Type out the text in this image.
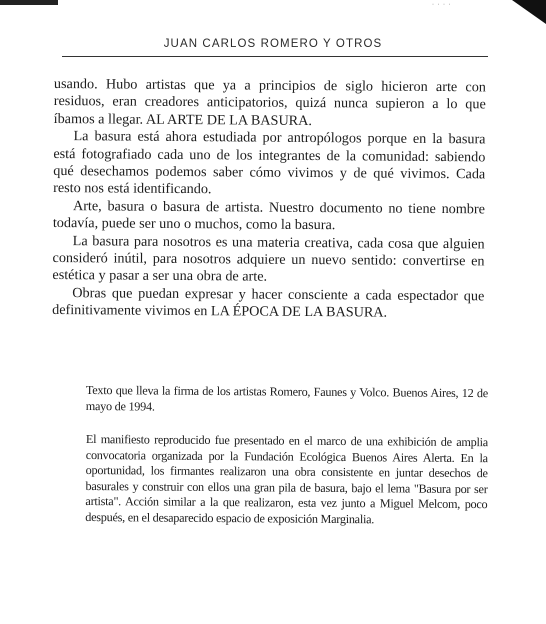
· · · ·
JUAN CARLOS ROMERO Y OTROS

usando. Hubo artistas que ya a principios de siglo hicieron arte con residuos, eran creadores anticipatorios, quizá nunca supieron a lo que íbamos a llegar. AL ARTE DE LA BASURA.

La basura está ahora estudiada por antropólogos porque en la basura está fotografiado cada uno de los integrantes de la comunidad: sabiendo qué desechamos podemos saber cómo vivimos y de qué vivimos. Cada resto nos está identificando.

Arte, basura o basura de artista. Nuestro documento no tiene nombre todavía, puede ser uno o muchos, como la basura.

La basura para nosotros es una materia creativa, cada cosa que alguien consideró inútil, para nosotros adquiere un nuevo sentido: convertirse en estética y pasar a ser una obra de arte.

Obras que puedan expresar y hacer consciente a cada espectador que definitivamente vivimos en LA ÉPOCA DE LA BASURA.

Texto que lleva la firma de los artistas Romero, Faunes y Volco. Buenos Aires, 12 de mayo de 1994.

El manifiesto reproducido fue presentado en el marco de una exhibición de amplia convocatoria organizada por la Fundación Ecológica Buenos Aires Alerta. En la oportunidad, los firmantes realizaron una obra consistente en juntar desechos de basurales y construir con ellos una gran pila de basura, bajo el lema "Basura por ser artista". Acción similar a la que realizaron, esta vez junto a Miguel Melcom, poco después, en el desaparecido espacio de exposición Marginalia.
